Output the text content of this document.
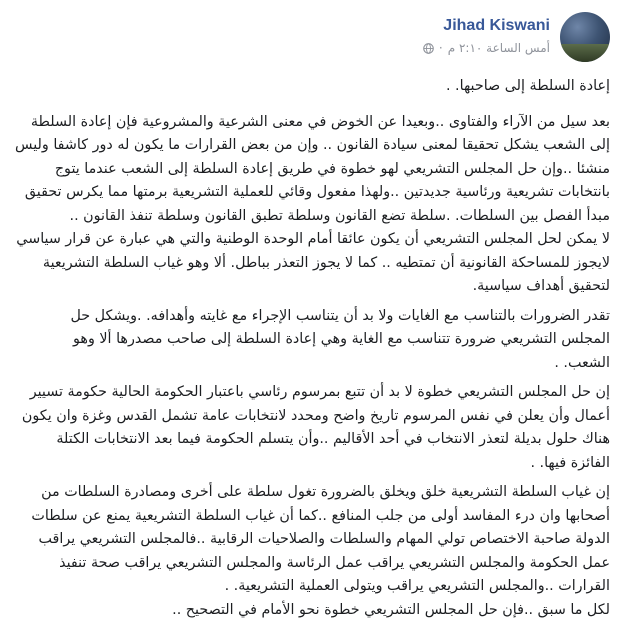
Jihad Kiswani
أمس الساعة ٢:١٠ م
·
إعادة السلطة إلى صاحبها. .
بعد سيل من الآراء والفتاوى ..وبعيدا عن الخوض في معنى الشرعية والمشروعية فإن إعادة السلطة
إلى الشعب يشكل تحقيقا لمعنى سيادة القانون .. وإن من بعض القرارات ما يكون له دور كاشفا وليس
منشئا ..وإن حل المجلس التشريعي لهو خطوة في طريق إعادة السلطة إلى الشعب عندما يتوج
بانتخابات تشريعية ورئاسية جديدتين ..ولهذا مفعول وقائي للعملية التشريعية برمتها مما يكرس تحقيق
مبدأ الفصل بين السلطات. .سلطة تضع القانون وسلطة تطبق القانون وسلطة تنفذ القانون ..
لا يمكن لحل المجلس التشريعي أن يكون عائقا أمام الوحدة الوطنية والتي هي عبارة عن قرار سياسي
لايجوز للمساحكة القانونية أن تمتطيه .. كما لا يجوز التعذر بباطل. ألا وهو غياب السلطة التشريعية
لتحقيق أهداف سياسية.
تقدر الضرورات بالتناسب مع الغايات ولا بد أن يتناسب الإجراء مع غايته وأهدافه. .ويشكل حل
المجلس التشريعي ضرورة تتناسب مع الغاية وهي إعادة السلطة إلى صاحب مصدرها ألا وهو
الشعب. .
إن حل المجلس التشريعي خطوة لا بد أن تتبع بمرسوم رئاسي باعتبار الحكومة الحالية حكومة تسيير
أعمال وأن يعلن في نفس المرسوم تاريخ واضح ومحدد لانتخابات عامة تشمل القدس وغزة وان يكون
هناك حلول بديلة لتعذر الانتخاب في أحد الأقاليم ..وأن يتسلم الحكومة فيما بعد الانتخابات الكتلة
الفائزة فيها. .
إن غياب السلطة التشريعية خلق ويخلق بالضرورة تغول سلطة على أخرى ومصادرة السلطات من
أصحابها وان درء المفاسد أولى من جلب المنافع ..كما أن غياب السلطة التشريعية يمنع عن سلطات
الدولة صاحبة الاختصاص تولي المهام والسلطات والصلاحيات الرقابية ..فالمجلس التشريعي يراقب
عمل الحكومة والمجلس التشريعي يراقب عمل الرئاسة والمجلس التشريعي يراقب صحة تنفيذ
القرارات ..والمجلس التشريعي يراقب ويتولى العملية التشريعية. .
لكل ما سبق ..فإن حل المجلس التشريعي خطوة نحو الأمام في التصحيح ..
